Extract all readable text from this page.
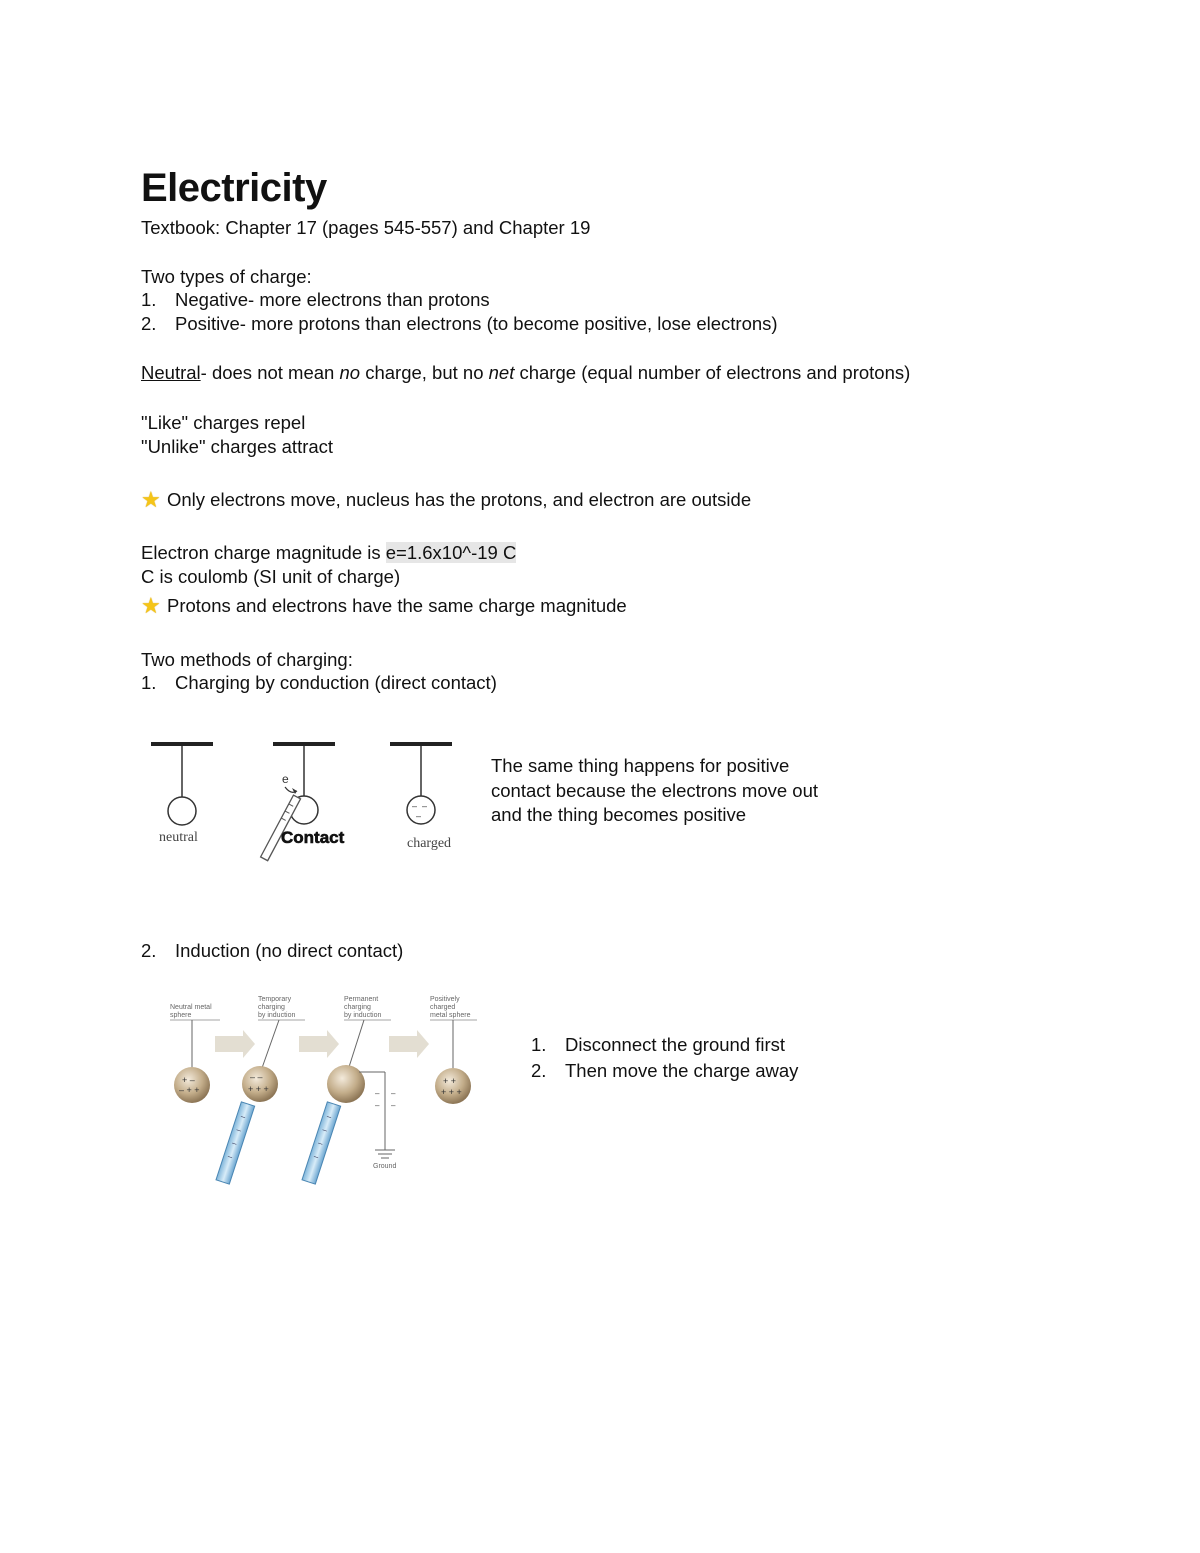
Electricity
Textbook: Chapter 17 (pages 545-557) and Chapter 19
Two types of charge:
1. Negative- more electrons than protons
2. Positive- more protons than electrons (to become positive, lose electrons)
Neutral- does not mean no charge, but no net charge (equal number of electrons and protons)
"Like" charges repel
"Unlike" charges attract
★ Only electrons move, nucleus has the protons, and electron are outside
Electron charge magnitude is e=1.6x10^-19 C
C is coulomb (SI unit of charge)
★ Protons and electrons have the same charge magnitude
Two methods of charging:
1. Charging by conduction (direct contact)
neutral
e
Contact
– –
–
charged
The same thing happens for positive
contact because the electrons move out
and the thing becomes positive
2. Induction (no direct contact)
Neutral metal
sphere
Temporary
charging
by induction
Permanent
charging
by induction
Positively
charged
metal sphere
+ –
– + +
– –
+ + +
–
–
–
–
– –
– –
Ground
–
–
–
–
+ +
+ + +
1. Disconnect the ground first
2. Then move the charge away
